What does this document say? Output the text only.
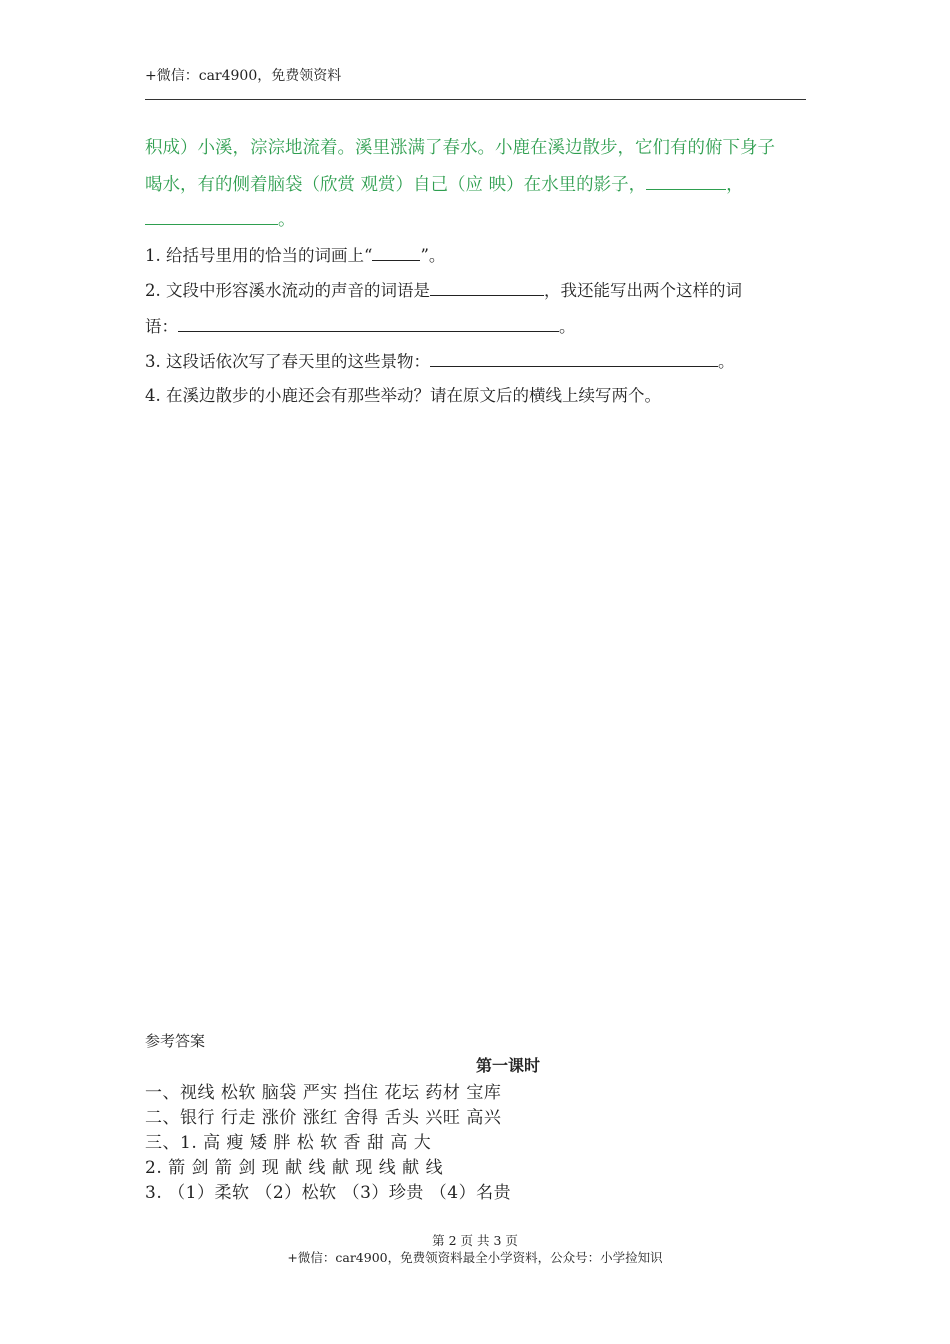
+微信：car4900，免费领资料
积成）小溪，淙淙地流着。溪里涨满了春水。小鹿在溪边散步，它们有的俯下身子
喝水，有的侧着脑袋（欣赏 观赏）自己（应 映）在水里的影子，	，
。
1. 给括号里用的恰当的词画上“	”。
2. 文段中形容溪水流动的声音的词语是	，我还能写出两个这样的词
语：	。
3. 这段话依次写了春天里的这些景物：	。
4. 在溪边散步的小鹿还会有那些举动？请在原文后的横线上续写两个。
参考答案
第一课时
一、视线 松软 脑袋 严实 挡住 花坛 药材 宝库
二、银行 行走 涨价 涨红 舍得 舌头 兴旺 高兴
三、1. 高 瘦 矮 胖 松 软 香 甜 高 大
2. 箭 剑 箭 剑 现 献 线 献 现 线 献 线
3. （1）柔软 （2）松软 （3）珍贵 （4）名贵
第 2 页 共 3 页
+微信：car4900，免费领资料最全小学资料，公众号：小学捡知识
